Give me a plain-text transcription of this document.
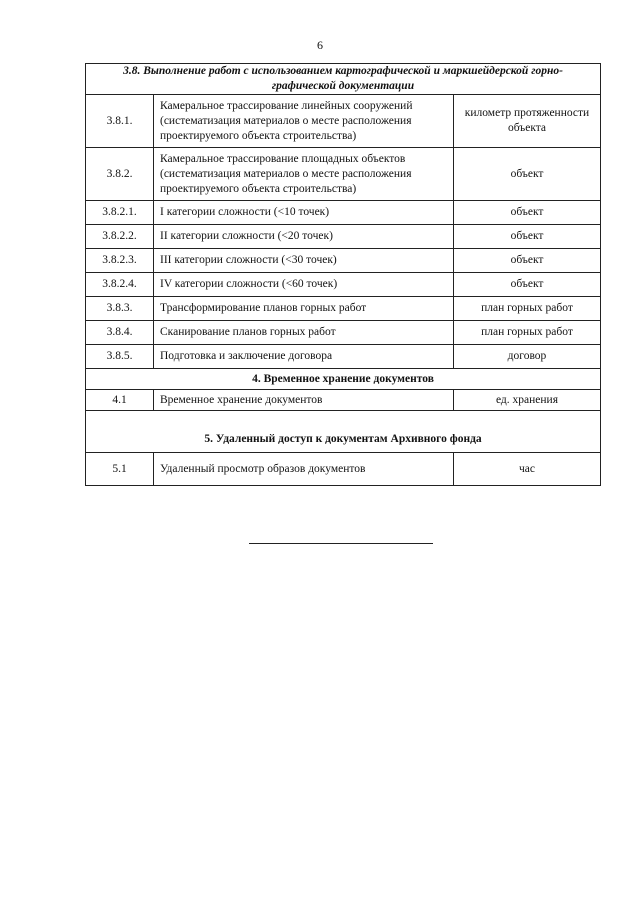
6
3.8. Выполнение работ с использованием картографической и маркшейдерской горно-графической документации		
3.8.1.	Камеральное трассирование линейных сооружений (систематизация материалов о месте расположения проектируемого объекта строительства)	километр протяженности объекта
3.8.2.	Камеральное трассирование площадных объектов (систематизация материалов о месте расположения проектируемого объекта строительства)	объект
3.8.2.1.	I категории сложности (<10 точек)	объект
3.8.2.2.	II категории сложности (<20 точек)	объект
3.8.2.3.	III категории сложности (<30 точек)	объект
3.8.2.4.	IV категории сложности (<60 точек)	объект
3.8.3.	Трансформирование планов горных работ	план горных работ
3.8.4.	Сканирование планов горных работ	план горных работ
3.8.5.	Подготовка и заключение договора	договор
4. Временное хранение документов		
4.1	Временное хранение документов	ед. хранения
5. Удаленный доступ к документам Архивного фонда		
5.1	Удаленный просмотр образов документов	час
